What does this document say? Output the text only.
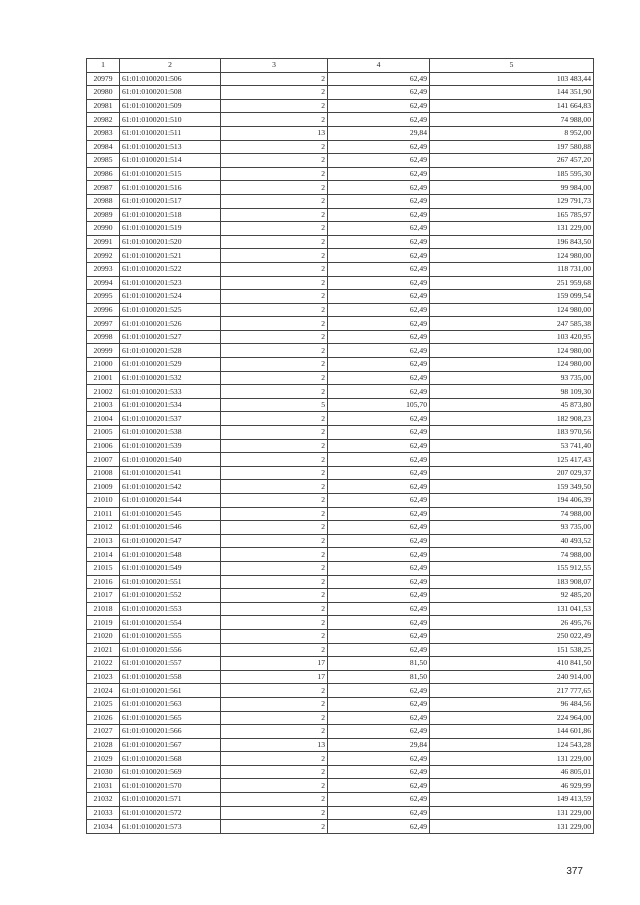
1	2	3	4	5
20979	61:01:0100201:506	2	62,49	103 483,44
20980	61:01:0100201:508	2	62,49	144 351,90
20981	61:01:0100201:509	2	62,49	141 664,83
20982	61:01:0100201:510	2	62,49	74 988,00
20983	61:01:0100201:511	13	29,84	8 952,00
20984	61:01:0100201:513	2	62,49	197 580,88
20985	61:01:0100201:514	2	62,49	267 457,20
20986	61:01:0100201:515	2	62,49	185 595,30
20987	61:01:0100201:516	2	62,49	99 984,00
20988	61:01:0100201:517	2	62,49	129 791,73
20989	61:01:0100201:518	2	62,49	165 785,97
20990	61:01:0100201:519	2	62,49	131 229,00
20991	61:01:0100201:520	2	62,49	196 843,50
20992	61:01:0100201:521	2	62,49	124 980,00
20993	61:01:0100201:522	2	62,49	118 731,00
20994	61:01:0100201:523	2	62,49	251 959,68
20995	61:01:0100201:524	2	62,49	159 099,54
20996	61:01:0100201:525	2	62,49	124 980,00
20997	61:01:0100201:526	2	62,49	247 585,38
20998	61:01:0100201:527	2	62,49	103 420,95
20999	61:01:0100201:528	2	62,49	124 980,00
21000	61:01:0100201:529	2	62,49	124 980,00
21001	61:01:0100201:532	2	62,49	93 735,00
21002	61:01:0100201:533	2	62,49	98 109,30
21003	61:01:0100201:534	5	105,70	45 873,80
21004	61:01:0100201:537	2	62,49	182 908,23
21005	61:01:0100201:538	2	62,49	183 970,56
21006	61:01:0100201:539	2	62,49	53 741,40
21007	61:01:0100201:540	2	62,49	125 417,43
21008	61:01:0100201:541	2	62,49	207 029,37
21009	61:01:0100201:542	2	62,49	159 349,50
21010	61:01:0100201:544	2	62,49	194 406,39
21011	61:01:0100201:545	2	62,49	74 988,00
21012	61:01:0100201:546	2	62,49	93 735,00
21013	61:01:0100201:547	2	62,49	40 493,52
21014	61:01:0100201:548	2	62,49	74 988,00
21015	61:01:0100201:549	2	62,49	155 912,55
21016	61:01:0100201:551	2	62,49	183 908,07
21017	61:01:0100201:552	2	62,49	92 485,20
21018	61:01:0100201:553	2	62,49	131 041,53
21019	61:01:0100201:554	2	62,49	26 495,76
21020	61:01:0100201:555	2	62,49	250 022,49
21021	61:01:0100201:556	2	62,49	151 538,25
21022	61:01:0100201:557	17	81,50	410 841,50
21023	61:01:0100201:558	17	81,50	240 914,00
21024	61:01:0100201:561	2	62,49	217 777,65
21025	61:01:0100201:563	2	62,49	96 484,56
21026	61:01:0100201:565	2	62,49	224 964,00
21027	61:01:0100201:566	2	62,49	144 601,86
21028	61:01:0100201:567	13	29,84	124 543,28
21029	61:01:0100201:568	2	62,49	131 229,00
21030	61:01:0100201:569	2	62,49	46 805,01
21031	61:01:0100201:570	2	62,49	46 929,99
21032	61:01:0100201:571	2	62,49	149 413,59
21033	61:01:0100201:572	2	62,49	131 229,00
21034	61:01:0100201:573	2	62,49	131 229,00
377
